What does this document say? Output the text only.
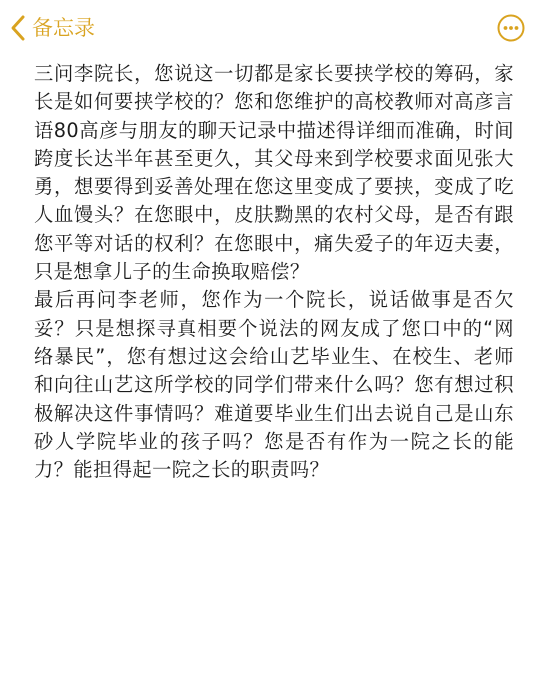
备忘录

三问李院长，您说这一切都是家长要挟学校的筹码，家长是如何要挟学校的？您和您维护的高校教师对高彦言语80高彦与朋友的聊天记录中描述得详细而准确，时间跨度长达半年甚至更久，其父母来到学校要求面见张大勇，想要得到妥善处理在您这里变成了要挟，变成了吃人血馒头？在您眼中，皮肤黝黑的农村父母，是否有跟您平等对话的权利？在您眼中，痛失爱子的年迈夫妻，只是想拿儿子的生命换取赔偿？

最后再问李老师，您作为一个院长，说话做事是否欠妥？只是想探寻真相要个说法的网友成了您口中的“网络暴民”，您有想过这会给山艺毕业生、在校生、老师和向往山艺这所学校的同学们带来什么吗？您有想过积极解决这件事情吗？难道要毕业生们出去说自己是山东砂人学院毕业的孩子吗？您是否有作为一院之长的能力？能担得起一院之长的职责吗？
